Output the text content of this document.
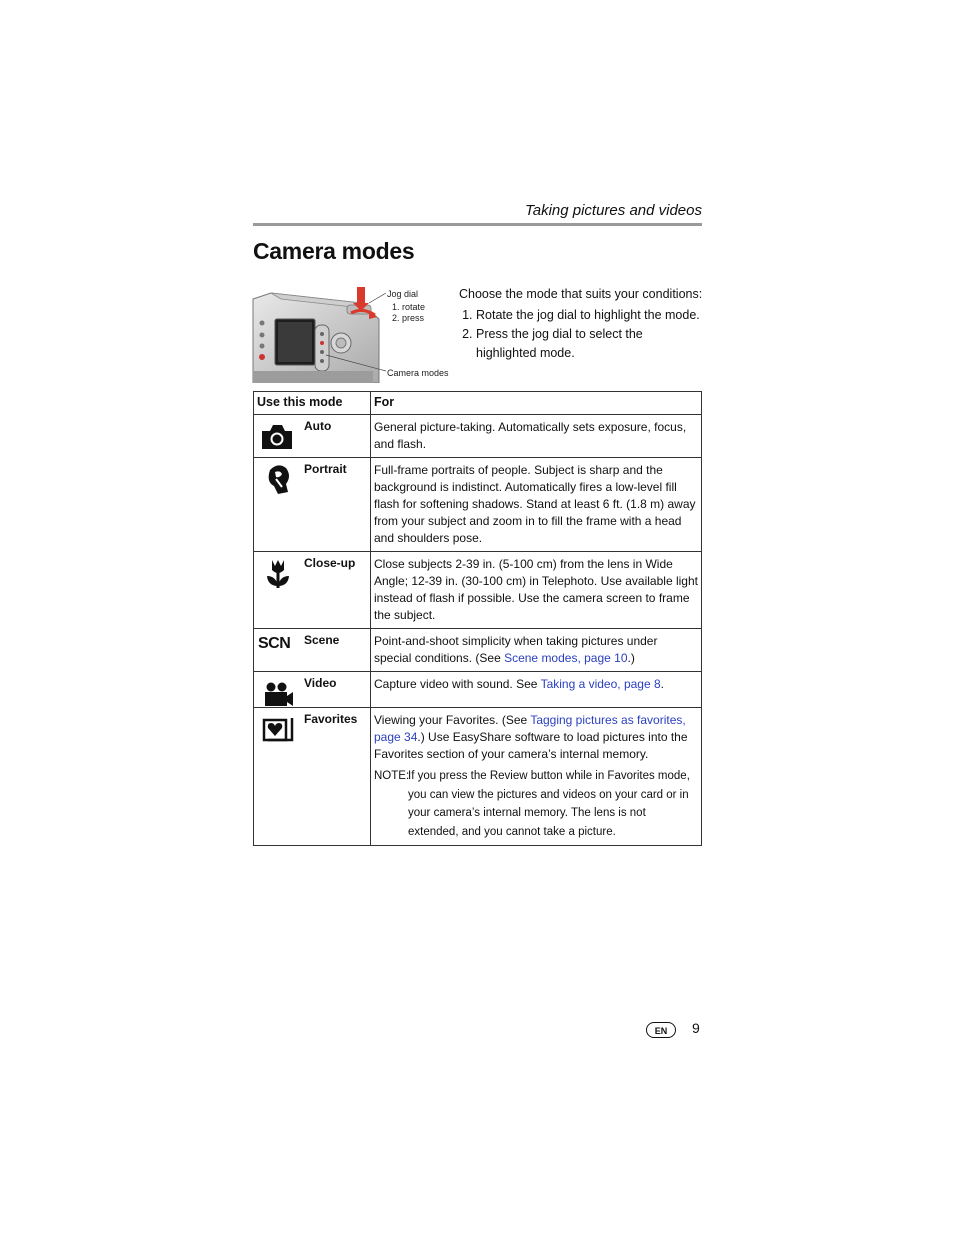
Taking pictures and videos
Camera modes
Jog dial
1. rotate
2. press
Camera modes

Choose the mode that suits your conditions:

1. Rotate the jog dial to highlight the mode.
2. Press the jog dial to select the
highlighted mode.
Use this mode	For

Auto	General picture-taking. Automatically sets exposure, focus, and flash.

Portrait	Full-frame portraits of people. Subject is sharp and the background is indistinct. Automatically fires a low-level fill flash for softening shadows. Stand at least 6 ft. (1.8 m) away from your subject and zoom in to fill the frame with a head and shoulders pose.

Close-up	Close subjects 2-39 in. (5-100 cm) from the lens in Wide Angle; 12-39 in. (30-100 cm) in Telephoto. Use available light instead of flash if possible. Use the camera screen to frame the subject.

SCN Scene	Point-and-shoot simplicity when taking pictures under special conditions. (See Scene modes, page 10.)

Video	Capture video with sound. See Taking a video, page 8.

Favorites	Viewing your Favorites. (See Tagging pictures as favorites, page 34.) Use EasyShare software to load pictures into the Favorites section of your camera’s internal memory.
NOTE:
If you press the Review button while in Favorites mode, you can view the pictures and videos on your card or in your camera’s internal memory. The lens is not extended, and you cannot take a picture.
EN	9
